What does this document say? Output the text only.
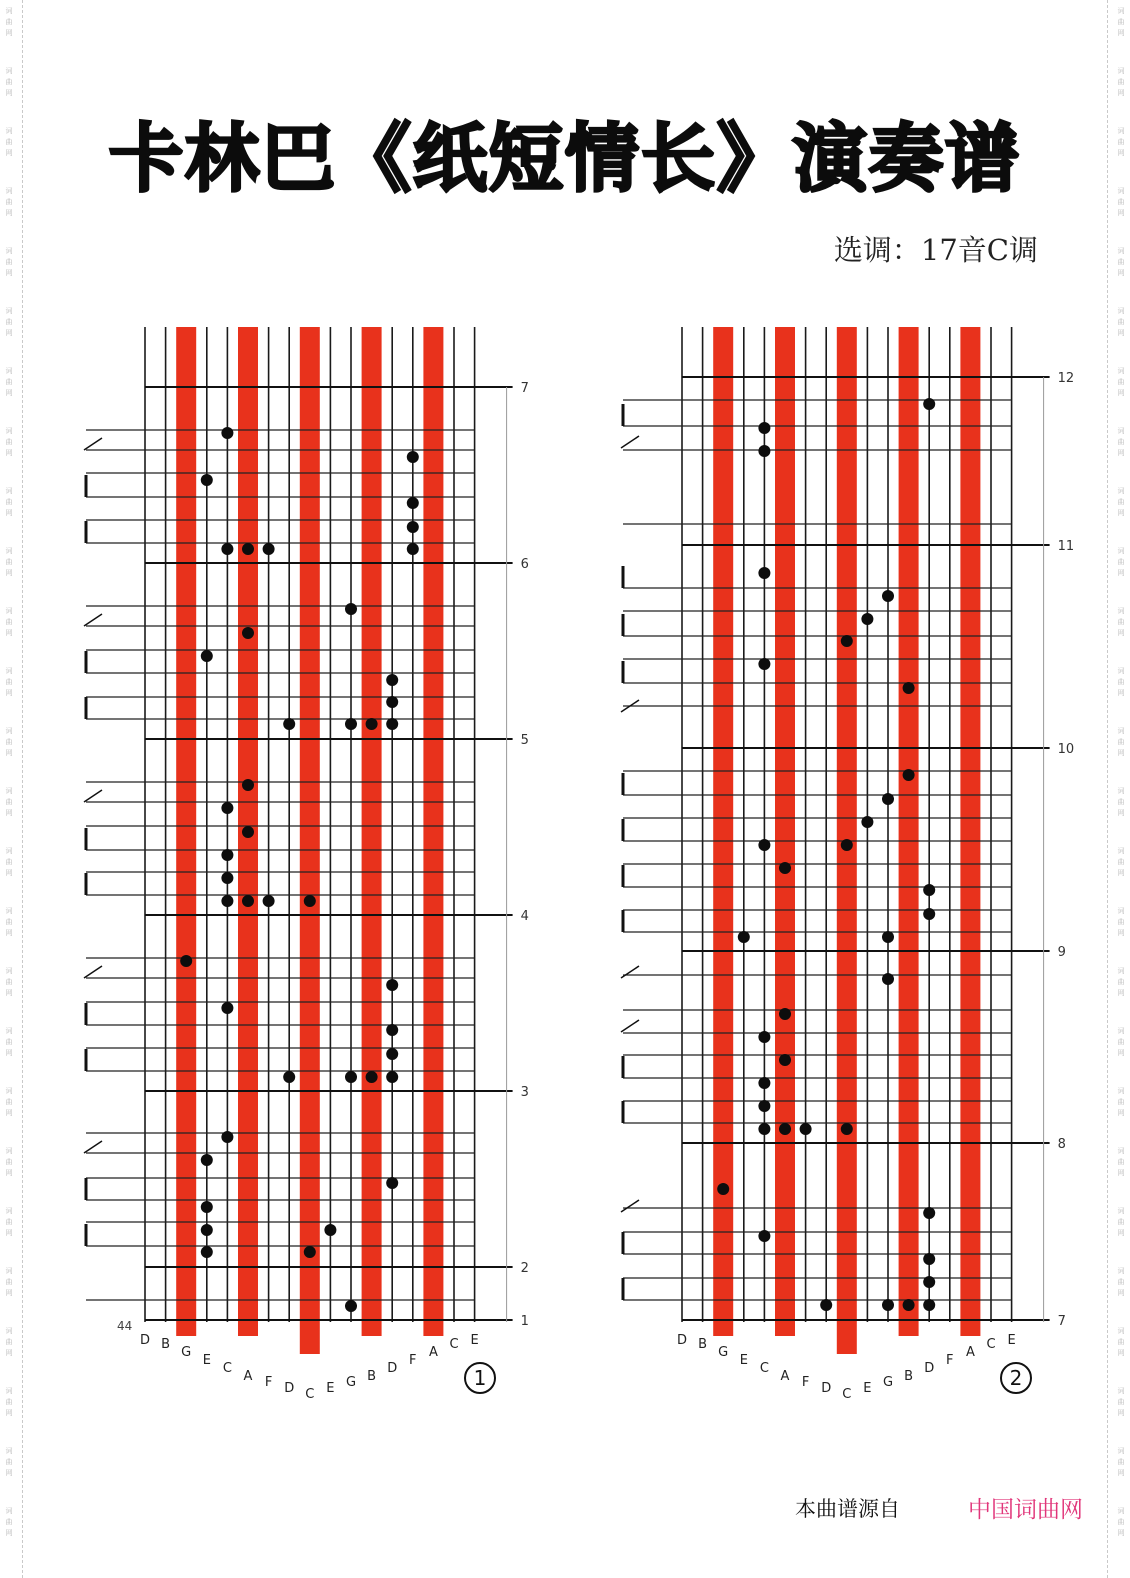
词
曲
网
词
曲
网
词
曲
网
词
曲
网
词
曲
网
词
曲
网
词
曲
网
词
曲
网
词
曲
网
词
曲
网
词
曲
网
词
曲
网
词
曲
网
词
曲
网
词
曲
网
词
曲
网
词
曲
网
词
曲
网
词
曲
网
词
曲
网
词
曲
网
词
曲
网
词
曲
网
词
曲
网
词
曲
网
词
曲
网
词
曲
网
词
曲
网
词
曲
网
词
曲
网
词
曲
网
词
曲
网
词
曲
网
词
曲
网
词
曲
网
词
曲
网
词
曲
网
词
曲
网
词
曲
网
词
曲
网
词
曲
网
词
曲
网
词
曲
网
词
曲
网
词
曲
网
词
曲
网
词
曲
网
词
曲
网
词
曲
网
词
曲
网
词
曲
网
词
曲
网
卡林巴《纸短情长》演奏谱
选调：17音C调
7
6
5
4
3
2
1
D B
G
E
C
A F D C E G B
D
F
A
C E
1
44
12
11
10
9
8
7
D B
G
E
C
A F D C E G B
D
F
A
C E
2
本曲谱源自	中国词曲网
